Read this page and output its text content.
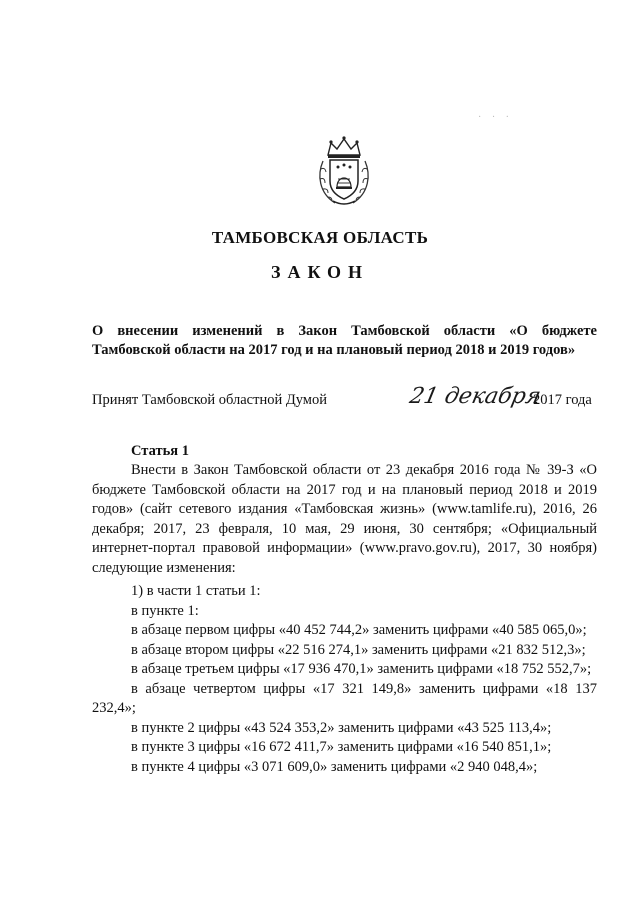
· · ·
ТАМБОВСКАЯ ОБЛАСТЬ
ЗАКОН
О внесении изменений в Закон Тамбовской области «О бюджете
Тамбовской области на 2017 год и на плановый период 2018 и 2019 годов»
Принят Тамбовской областной Думой	21 декабря
2017 года
Статья 1

Внести в Закон Тамбовской области от 23 декабря 2016 года № 39-З «О бюджете Тамбовской области на 2017 год и на плановый период 2018 и 2019 годов» (сайт сетевого издания «Тамбовская жизнь» (www.tamlife.ru), 2016, 26 декабря; 2017, 23 февраля, 10 мая, 29 июня, 30 сентября; «Официальный интернет-портал правовой информации» (www.pravo.gov.ru), 2017, 30 ноября) следующие изменения:

1) в части 1 статьи 1:

в пункте 1:

в абзаце первом цифры «40 452 744,2» заменить цифрами «40 585 065,0»;

в абзаце втором цифры «22 516 274,1» заменить цифрами «21 832 512,3»;

в абзаце третьем цифры «17 936 470,1» заменить цифрами «18 752 552,7»;

в абзаце четвертом цифры «17 321 149,8» заменить цифрами «18 137 232,4»;

в пункте 2 цифры «43 524 353,2» заменить цифрами «43 525 113,4»;

в пункте 3 цифры «16 672 411,7» заменить цифрами «16 540 851,1»;

в пункте 4 цифры «3 071 609,0» заменить цифрами «2 940 048,4»;
